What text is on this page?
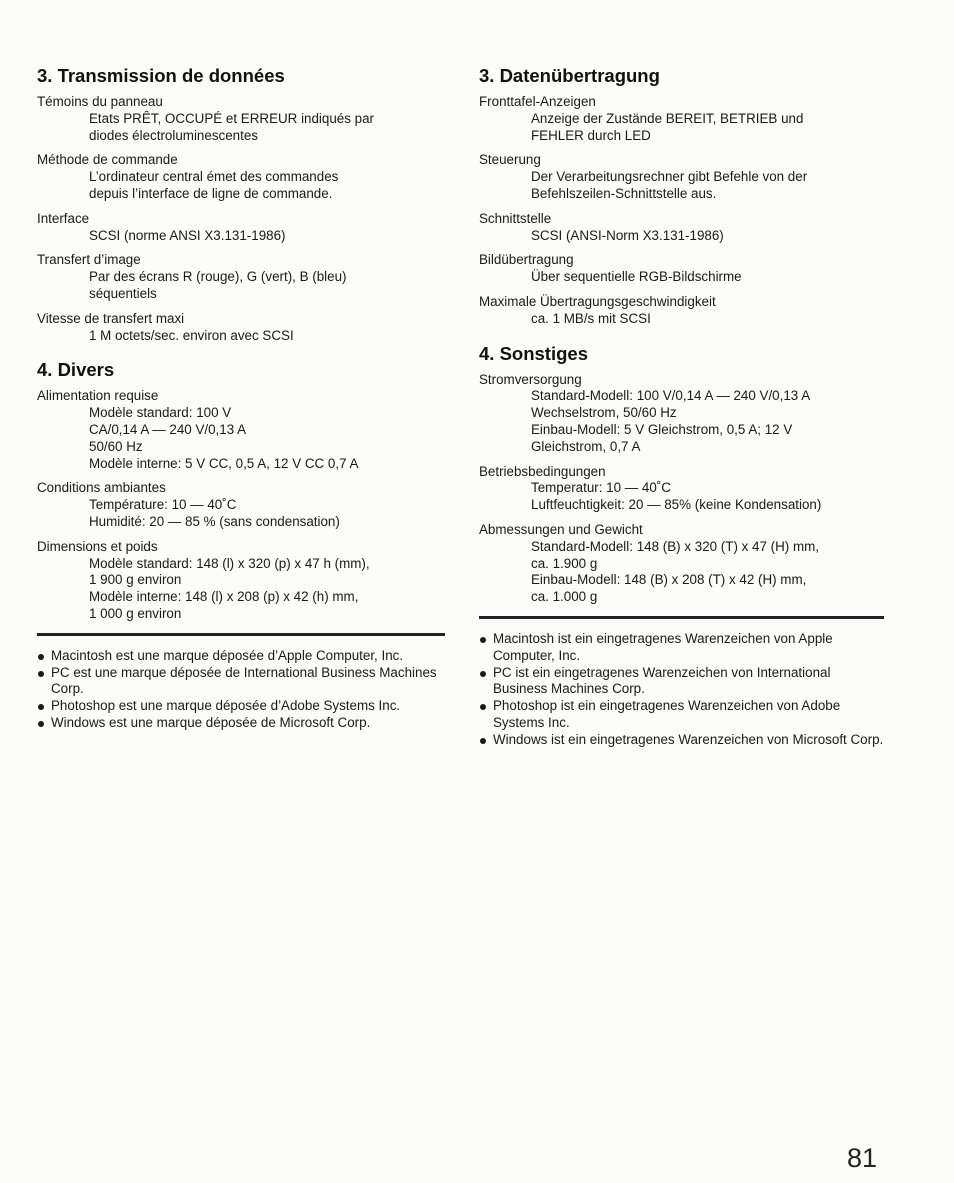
3. Transmission de données
Témoins du panneau
Etats PRÊT, OCCUPÉ et ERREUR indiqués par
diodes électroluminescentes
Méthode de commande
L’ordinateur central émet des commandes
depuis l’interface de ligne de commande.
Interface
SCSI (norme ANSI X3.131-1986)
Transfert d’image
Par des écrans R (rouge), G (vert), B (bleu)
séquentiels
Vitesse de transfert maxi
1 M octets/sec. environ avec SCSI
4. Divers
Alimentation requise
Modèle standard: 100 V
CA/0,14 A — 240 V/0,13 A
50/60 Hz
Modèle interne: 5 V CC, 0,5 A, 12 V CC 0,7 A
Conditions ambiantes
Température: 10 — 40˚C
Humidité: 20 — 85 % (sans condensation)
Dimensions et poids
Modèle standard: 148 (l) x 320 (p) x 47 h (mm),
1 900 g environ
Modèle interne: 148 (l) x 208 (p) x 42 (h) mm,
1 000 g environ
Macintosh est une marque déposée d’Apple Computer, Inc.
PC est une marque déposée de International Business Machines Corp.
Photoshop est une marque déposée d’Adobe Systems Inc.
Windows est une marque déposée de Microsoft Corp.
3. Datenübertragung
Fronttafel-Anzeigen
Anzeige der Zustände BEREIT, BETRIEB und
FEHLER durch LED
Steuerung
Der Verarbeitungsrechner gibt Befehle von der
Befehlszeilen-Schnittstelle aus.
Schnittstelle
SCSI (ANSI-Norm X3.131-1986)
Bildübertragung
Über sequentielle RGB-Bildschirme
Maximale Übertragungsgeschwindigkeit
ca. 1 MB/s mit SCSI
4. Sonstiges
Stromversorgung
Standard-Modell: 100 V/0,14 A — 240 V/0,13 A
Wechselstrom, 50/60 Hz
Einbau-Modell: 5 V Gleichstrom, 0,5 A; 12 V
Gleichstrom, 0,7 A
Betriebsbedingungen
Temperatur: 10 — 40˚C
Luftfeuchtigkeit: 20 — 85% (keine Kondensation)
Abmessungen und Gewicht
Standard-Modell: 148 (B) x 320 (T) x 47 (H) mm,
ca. 1.900 g
Einbau-Modell: 148 (B) x 208 (T) x 42 (H) mm,
ca. 1.000 g
Macintosh ist ein eingetragenes Warenzeichen von Apple Computer, Inc.
PC ist ein eingetragenes Warenzeichen von International Business Machines Corp.
Photoshop ist ein eingetragenes Warenzeichen von Adobe Systems Inc.
Windows ist ein eingetragenes Warenzeichen von Microsoft Corp.
81
